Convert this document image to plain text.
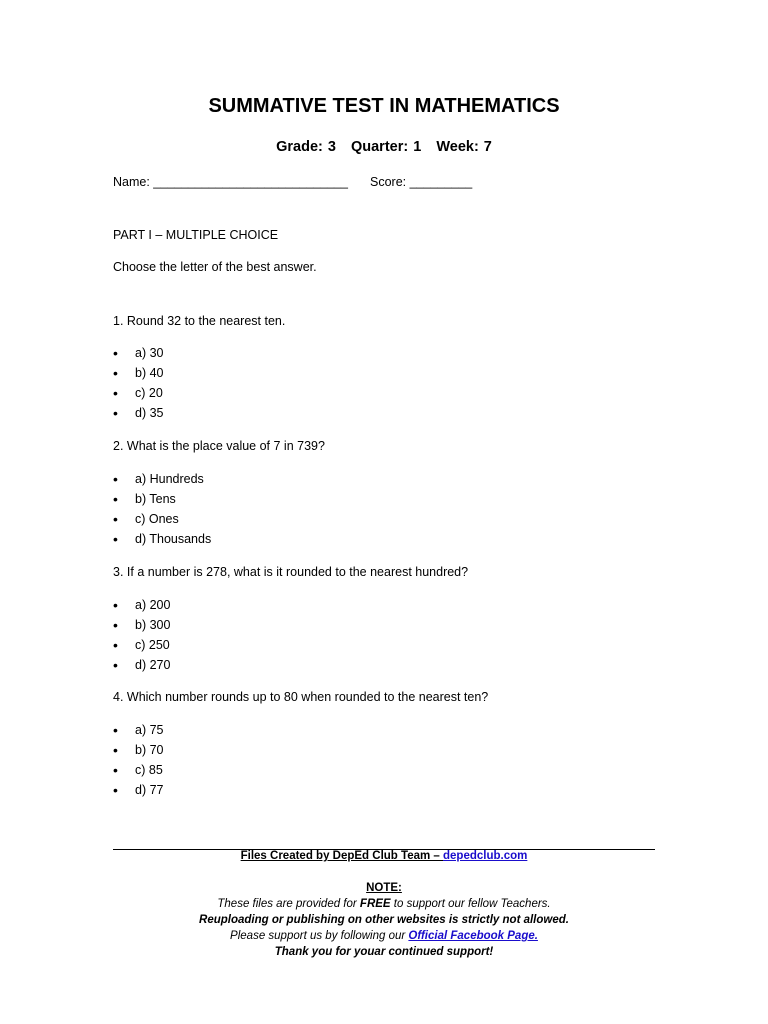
SUMMATIVE TEST IN MATHEMATICS
Grade: 3 Quarter: 1 Week: 7
Name: ____________________________ Score: _________
PART I – MULTIPLE CHOICE
Choose the letter of the best answer.
1. Round 32 to the nearest ten.
• a) 30
• b) 40
• c) 20
• d) 35
2. What is the place value of 7 in 739?
• a) Hundreds
• b) Tens
• c) Ones
• d) Thousands
3. If a number is 278, what is it rounded to the nearest hundred?
• a) 200
• b) 300
• c) 250
• d) 270
4. Which number rounds up to 80 when rounded to the nearest ten?
• a) 75
• b) 70
• c) 85
• d) 77
Files Created by DepEd Club Team – depedclub.com
NOTE:
These files are provided for FREE to support our fellow Teachers.
Reuploading or publishing on other websites is strictly not allowed.
Please support us by following our Official Facebook Page.
Thank you for youar continued support!
